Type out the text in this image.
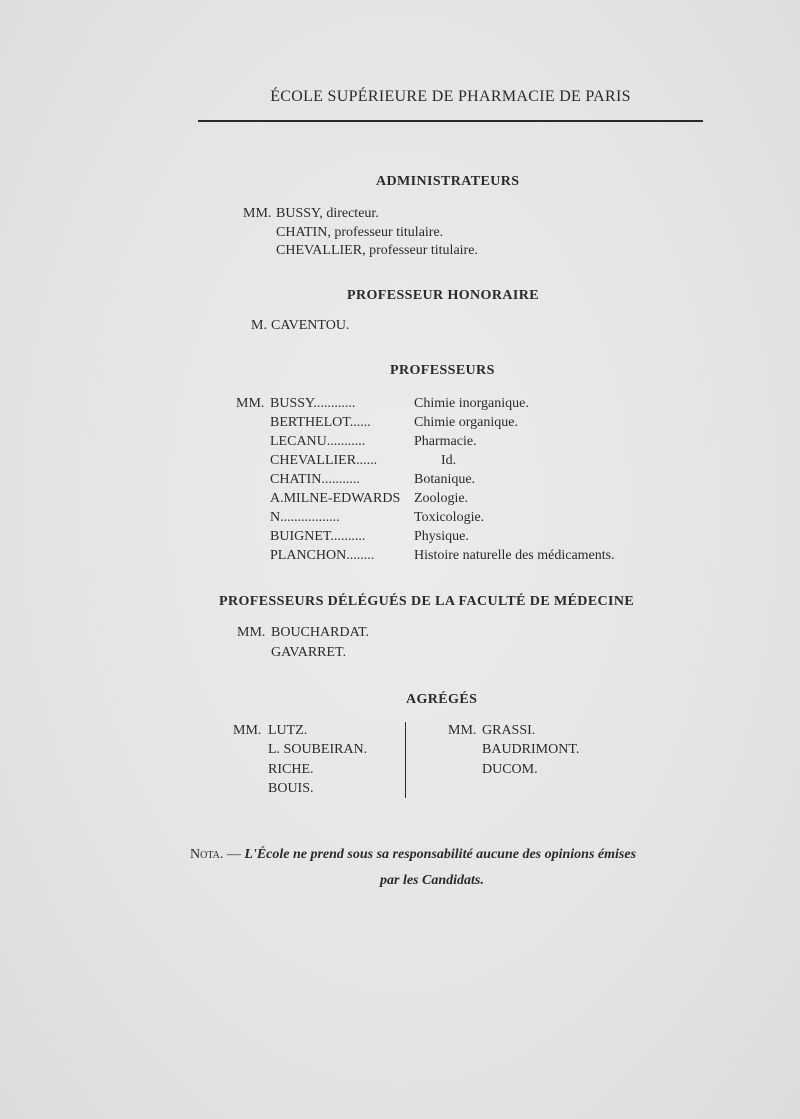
ÉCOLE SUPÉRIEURE DE PHARMACIE DE PARIS
ADMINISTRATEURS
MM. BUSSY, directeur.
CHATIN, professeur titulaire.
CHEVALLIER, professeur titulaire.
PROFESSEUR HONORAIRE
M. CAVENTOU.
PROFESSEURS
MM. BUSSY............	Chimie inorganique.
BERTHELOT......	Chimie organique.
LECANU...........	Pharmacie.
CHEVALLIER......	Id.
CHATIN...........	Botanique.
A.MILNE-EDWARDS Zoologie.
N.................	Toxicologie.
BUIGNET..........	Physique.
PLANCHON........	Histoire naturelle des médicaments.
PROFESSEURS DÉLÉGUÉS DE LA FACULTÉ DE MÉDECINE
MM. BOUCHARDAT.
GAVARRET.
AGRÉGÉS
MM. LUTZ.
L. SOUBEIRAN.
RICHE.
BOUIS.
MM. GRASSI.
BAUDRIMONT.
DUCOM.
Nota. — L'École ne prend sous sa responsabilité aucune des opinions émises
par les Candidats.
